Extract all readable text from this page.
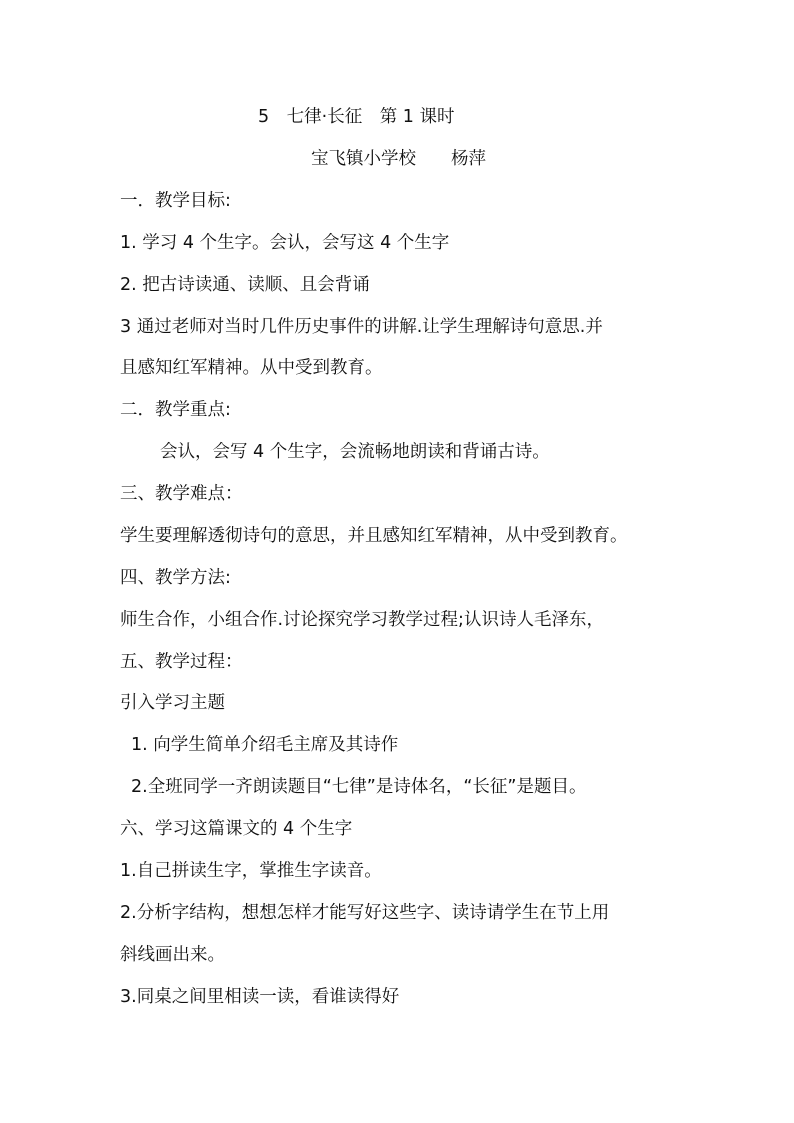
5　七律·长征　第 1 课时
宝飞镇小学校　　杨萍
一．教学目标:
1. 学习 4 个生字。会认，会写这 4 个生字
2. 把古诗读通、读顺、且会背诵
3 通过老师对当时几件历史事件的讲解.让学生理解诗句意思.并
且感知红军精神。从中受到教育。
二．教学重点:
会认，会写 4 个生字，会流畅地朗读和背诵古诗。
三、教学难点：
学生要理解透彻诗句的意思，并且感知红军精神，从中受到教育。
四、教学方法:
师生合作，小组合作.讨论探究学习教学过程;认识诗人毛泽东，
五、教学过程：
引入学习主题
1. 向学生简单介绍毛主席及其诗作
2.全班同学一齐朗读题目“七律”是诗体名，“长征”是题目。
六、学习这篇课文的 4 个生字
1.自己拼读生字，掌推生字读音。
2.分析字结构，想想怎样才能写好这些字、读诗请学生在节上用
斜线画出来。
3.同桌之间里相读一读，看谁读得好
